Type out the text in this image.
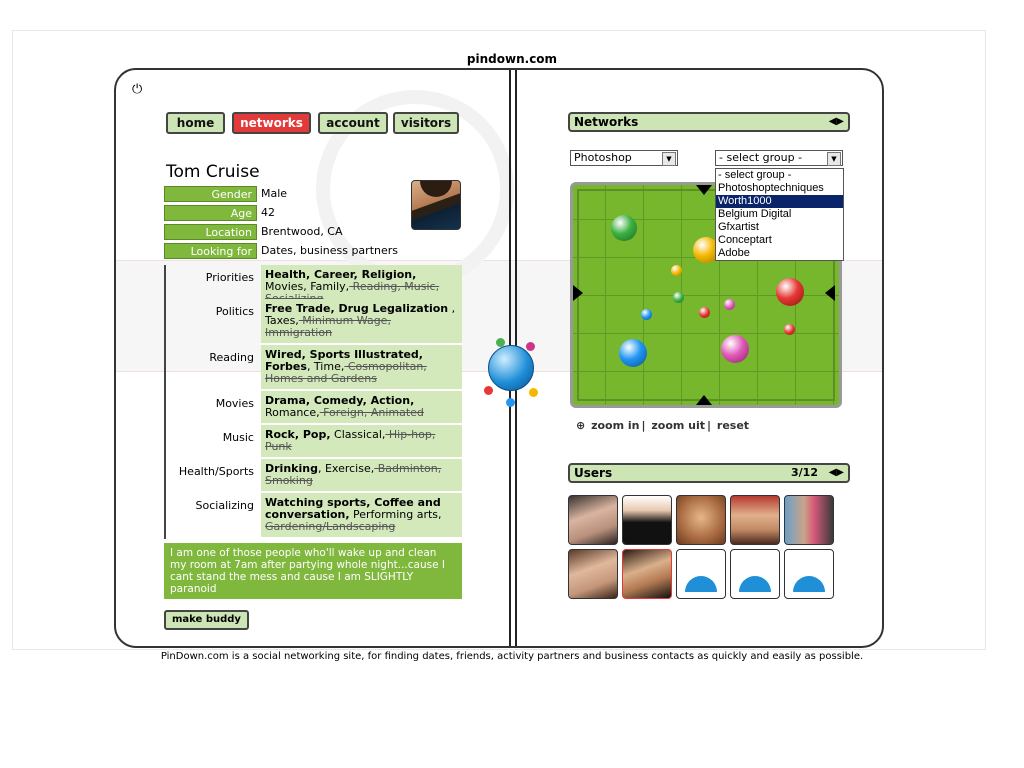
pindown.com
⏻
home	networks	account	visitors
Tom Cruise
Gender Male
Age 42
Location Brentwood, CA
Looking for Dates, business partners
Priorities	Health, Career, Religion, Movies, Family, Reading, Music,
Politics	Free Trade, Drug Legalization , Taxes, Minimum Wage, Immigration
Reading	Wired, Sports Illustrated, Forbes, Time, Cosmopolitan, Homes and Gardens
Movies	Drama, Comedy, Action, Romance, Foreign, Animated
Music	Rock, Pop, Classical, Hip-hop, Punk
Health/Sports	Drinking, Exercise, Badminton, Smoking
Socializing	Watching sports, Coffee and conversation, Performing arts, Gardening/Landscaping
I am one of those people who'll wake up and clean my room at 7am after partying whole night...cause I cant stand the mess and cause I am SLIGHTLY paranoid
make buddy
Networks	◀▶
Photoshop	▼	- select group -	▼
- select group -
Photoshoptechniques
Worth1000
Belgium Digital
Gfxartist
Conceptart
Adobe
⊕ zoom in | zoom uit | reset
Users	3/12 ◀▶
PinDown.com is a social networking site, for finding dates, friends, activity partners and business contacts as quickly and easily as possible.
